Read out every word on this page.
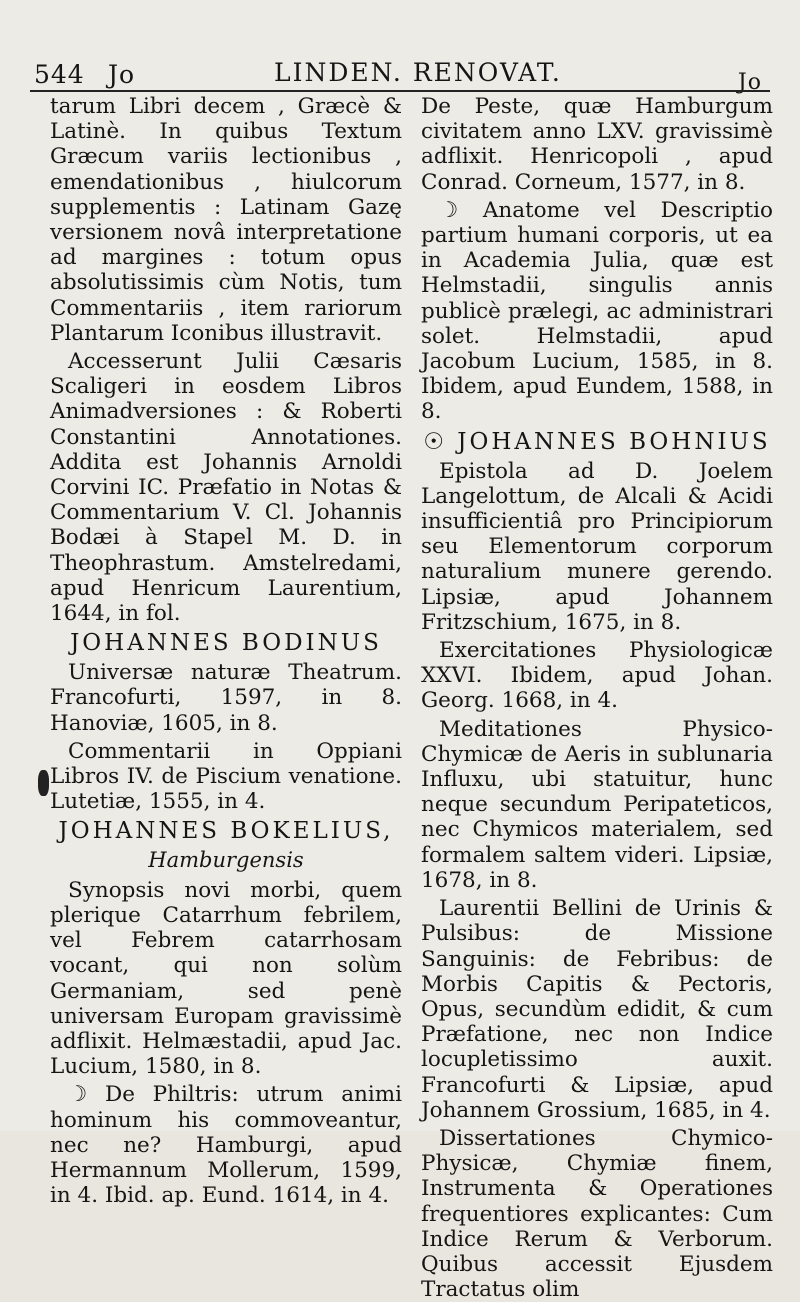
544 Jo	LINDEN. RENOVAT.	Jo
tarum Libri decem , Græcè & Latinè. In quibus Textum Græcum variis lectionibus , emendationibus , hiulcorum supplementis : Latinam Gazę versionem novâ interpretatione ad margines : totum opus absolutissimis cùm Notis, tum Commentariis , item rariorum Plantarum Iconibus illustravit.
Accesserunt Julii Cæsaris Scaligeri in eosdem Libros Animadversiones : & Roberti Constantini Annotationes. Addita est Johannis Arnoldi Corvini IC. Præfatio in Notas & Commentarium V. Cl. Johannis Bodæi à Stapel M. D. in Theophrastum. Amstelredami, apud Henricum Laurentium, 1644, in fol.
JOHANNES BODINUS
Universæ naturæ Theatrum. Francofurti, 1597, in 8. Hanoviæ, 1605, in 8.
Commentarii in Oppiani Libros IV. de Piscium venatione. Lutetiæ, 1555, in 4.
JOHANNES BOKELIUS,
Hamburgensis
Synopsis novi morbi, quem plerique Catarrhum febrilem, vel Febrem catarrhosam vocant, qui non solùm Germaniam, sed penè universam Europam gravissimè adflixit. Helmæstadii, apud Jac. Lucium, 1580, in 8.
☽ De Philtris: utrum animi hominum his commoveantur, nec ne? Hamburgi, apud Hermannum Mollerum, 1599, in 4. Ibid. ap. Eund. 1614, in 4.
De Peste, quæ Hamburgum civitatem anno LXV. gravissimè adflixit. Henricopoli , apud Conrad. Corneum, 1577, in 8.
☽ Anatome vel Descriptio partium humani corporis, ut ea in Academia Julia, quæ est Helmstadii, singulis annis publicè prælegi, ac administrari solet. Helmstadii, apud Jacobum Lucium, 1585, in 8. Ibidem, apud Eundem, 1588, in 8.
☉ JOHANNES BOHNIUS
Epistola ad D. Joelem Langelottum, de Alcali & Acidi insufficientiâ pro Principiorum seu Elementorum corporum naturalium munere gerendo. Lipsiæ, apud Johannem Fritzschium, 1675, in 8.
Exercitationes Physiologicæ XXVI. Ibidem, apud Johan. Georg. 1668, in 4.
Meditationes Physico-Chymicæ de Aeris in sublunaria Influxu, ubi statuitur, hunc neque secundum Peripateticos, nec Chymicos materialem, sed formalem saltem videri. Lipsiæ, 1678, in 8.
Laurentii Bellini de Urinis & Pulsibus: de Missione Sanguinis: de Febribus: de Morbis Capitis & Pectoris, Opus, secundùm edidit, & cum Præfatione, nec non Indice locupletissimo auxit. Francofurti & Lipsiæ, apud Johannem Grossium, 1685, in 4.
Dissertationes Chymico-Physicæ, Chymiæ finem, Instrumenta & Operationes frequentiores explicantes: Cum Indice Rerum & Verborum. Quibus accessit Ejusdem Tractatus olim
